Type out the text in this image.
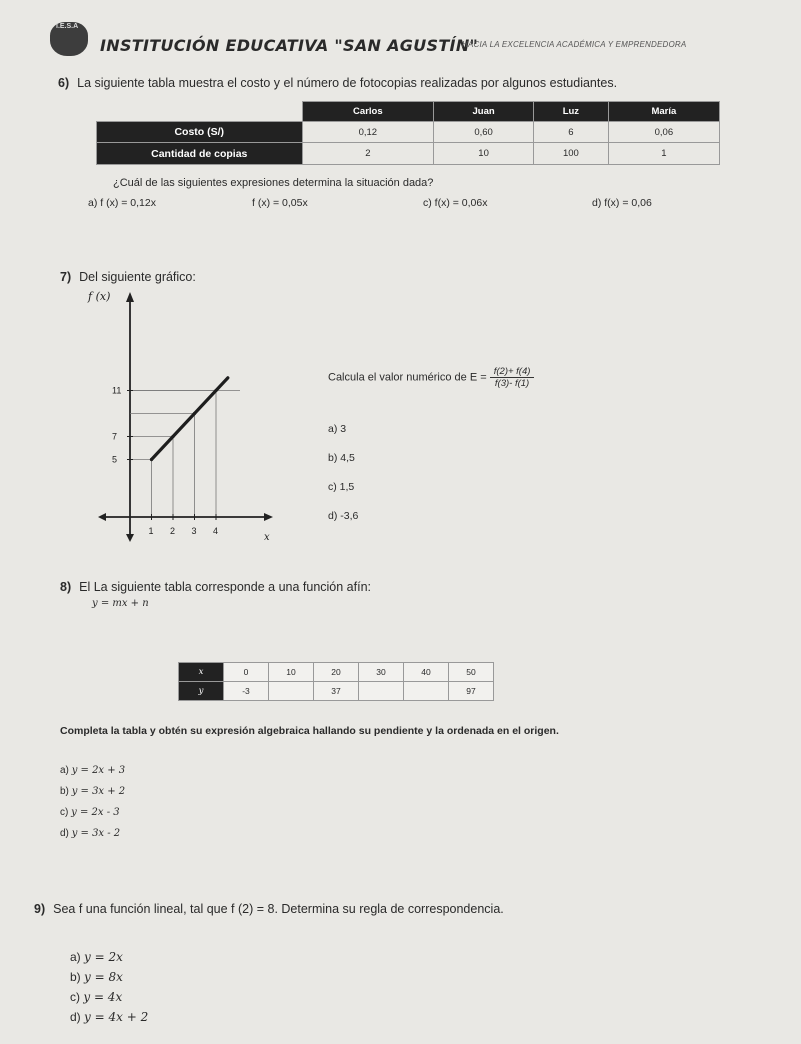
I.E.S.A
INSTITUCIÓN EDUCATIVA "SAN AGUSTÍN"
HACIA LA EXCELENCIA ACADÉMICA Y EMPRENDEDORA
6) La siguiente tabla muestra el costo y el número de fotocopias realizadas por algunos estudiantes.
	Carlos	Juan	Luz	María
Costo (S/)	0,12	0,60	6	0,06
Cantidad de copias	2	10	100	1
¿Cuál de las siguientes expresiones determina la situación dada?
a) f (x) = 0,12x	f (x) = 0,05x	c) f(x) = 0,06x	d) f(x) = 0,06
7) Del siguiente gráfico:
1 2 3 4
5
7
11
f (x)
x
Calcula el valor numérico de $E = \frac{f(2)+ f(4)}{f(3)- f(1)}$
a) 3
b) 4,5
c) 1,5
d) -3,6
8) El La siguiente tabla corresponde a una función afín:
y = mx + n
x	0	10	20	30	40	50
y	-3		37			97
Completa la tabla y obtén su expresión algebraica hallando su pendiente y la ordenada en el origen.
a) y = 2x + 3
b) y = 3x + 2
c) y = 2x - 3
d) y = 3x - 2
9) Sea f una función lineal, tal que f (2) = 8. Determina su regla de correspondencia.
a) y = 2x
b) y = 8x
c) y = 4x
d) y = 4x + 2
